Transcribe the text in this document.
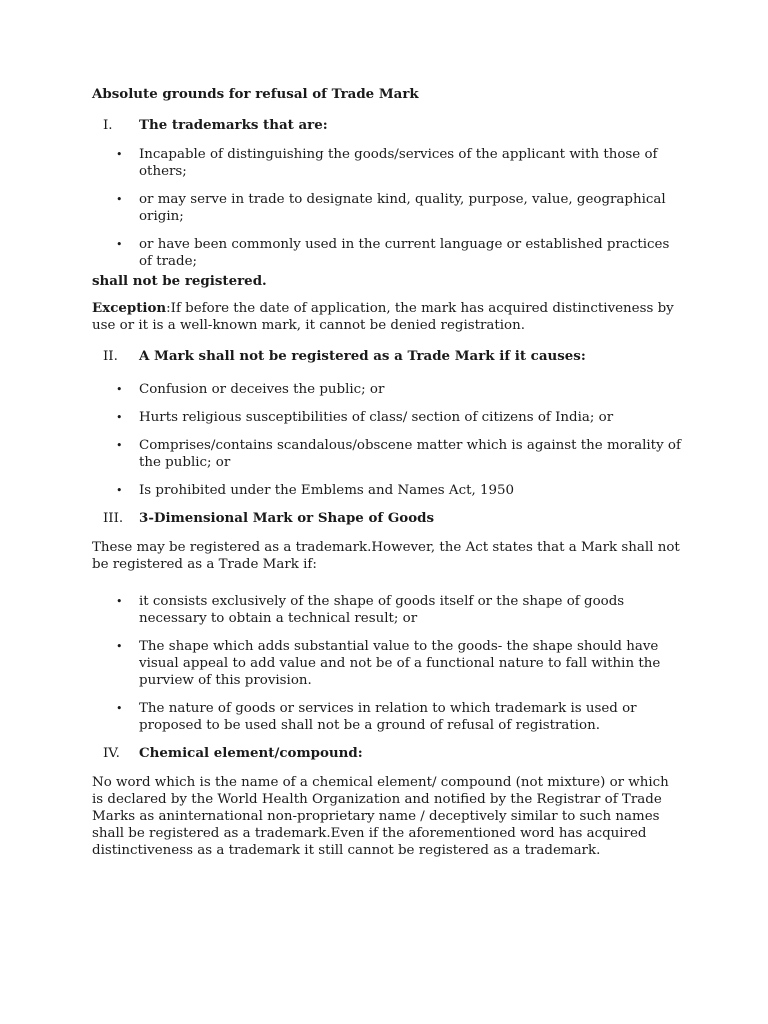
Absolute grounds for refusal of Trade Mark
I.	The trademarks that are:
•	Incapable of distinguishing the goods/services of the applicant with those of others;
•	or may serve in trade to designate kind, quality, purpose, value, geographical origin;
•	or have been commonly used in the current language or established practices of trade;
shall not be registered.
Exception:If before the date of application, the mark has acquired distinctiveness by use or it is a well-known mark, it cannot be denied registration.
II.	A Mark shall not be registered as a Trade Mark if it causes:
•	Confusion or deceives the public; or
•	Hurts religious susceptibilities of class/ section of citizens of India; or
•	Comprises/contains scandalous/obscene matter which is against the morality of the public; or
•	Is prohibited under the Emblems and Names Act, 1950
III.	3-Dimensional Mark or Shape of Goods
These may be registered as a trademark.However, the Act states that a Mark shall not be registered as a Trade Mark if:
•	it consists exclusively of the shape of goods itself or the shape of goods necessary to obtain a technical result; or
•	The shape which adds substantial value to the goods- the shape should have visual appeal to add value and not be of a functional nature to fall within the purview of this provision.
•	The nature of goods or services in relation to which trademark is used or proposed to be used shall not be a ground of refusal of registration.
IV.	Chemical element/compound:
No word which is the name of a chemical element/ compound (not mixture) or which is declared by the World Health Organization and notified by the Registrar of Trade Marks as aninternational non-proprietary name / deceptively similar to such names shall be registered as a trademark.Even if the aforementioned word has acquired distinctiveness as a trademark it still cannot be registered as a trademark.
